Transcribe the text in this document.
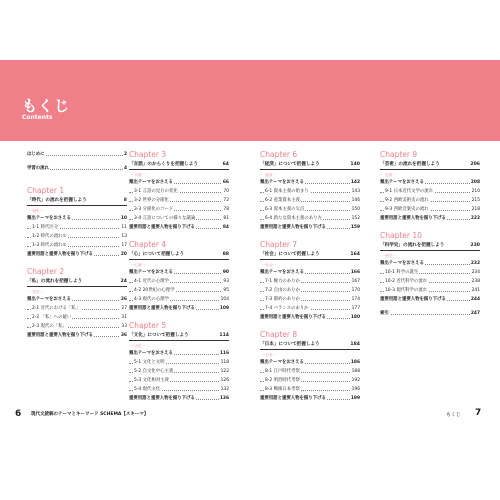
もくじ
Contents
はじめに	2
学習の流れ	4
Chapter 1
「時代」の流れを把握しよう	8
一歴史一
頻出テーマをおさえる	10
1-1 時代区分	11
1-2 時代の流れ①	13
1-3 時代の流れ②	17
重要用語と重要人物を掘り下げる	20
Chapter 2
「私」の流れを把握しよう	24
一哲学一
頻出テーマをおさえる	26
2-1 近代における「私」	27
2-2 「私」への疑い	31
2-3 現代の「私」	33
重要用語と重要人物を掘り下げる	36
Chapter 3
「言語」のからくりを把握しよう	64
一言語一
頻出テーマをおさえる	66
3-1 言語の見方の変化	70
3-2 世界の分節化	72
3-3 分節化のコード	78
3-4 言語についての様々な議論	81
重要用語と重要人物を掘り下げる	84
Chapter 4
「心」について把握しよう	88
一心理一
頻出テーマをおさえる	90
4-1 近代の心理学	93
4-2 20世紀の心理学	95
4-3 現代の心理学	104
重要用語と重要人物を掘り下げる	109
Chapter 5
「文化」について把握しよう	114
一文化一
頻出テーマをおさえる	116
5-1 文化と文明	118
5-2 自文化中心主義	122
5-3 文化相対主義	126
5-4 現代文化	132
重要用語と重要人物を掘り下げる	136
Chapter 6
「経済」について把握しよう	140
一経済一
頻出テーマをおさえる	142
6-1 資本主義の始まり	143
6-2 産業資本主義	146
6-3 資本主義の欠点	150
6-4 新たな資本主義のあり方	152
重要用語と重要人物を掘り下げる	159
Chapter 7
「社会」について把握しよう	164
一社会一
頻出テーマをおさえる	166
7-1 権力のありか	167
7-2 自由のありか	170
7-3 制約のありか	174
7-4 バランスのありか	177
重要用語と重要人物を掘り下げる	180
Chapter 8
「日本」について把握しよう	184
一日本一
頻出テーマをおさえる	186
8-1 江戸時代考察	188
8-2 明治時代考察	192
8-3 戦後日本考察	196
重要用語と重要人物を掘り下げる	199
Chapter 9
「芸術」の流れを把握しよう	206
一芸術一
頻出テーマをおさえる	208
9-1 日本近代文学の流れ	210
9-2 西欧美術史の流れ	215
9-3 西欧音楽史の流れ	218
重要用語と重要人物を掘り下げる	222
Chapter 10
「科学史」の流れを把握しよう	230
一科学一
頻出テーマをおさえる	232
10-1 科学の誕生	234
10-2 近代科学の流れ	238
10-3 現代科学の流れ	241
重要用語と重要人物を掘り下げる	244
索引	247
6 現代文読解のテーマとキーワード SCHEMA【スキーマ】	もくじ 7
